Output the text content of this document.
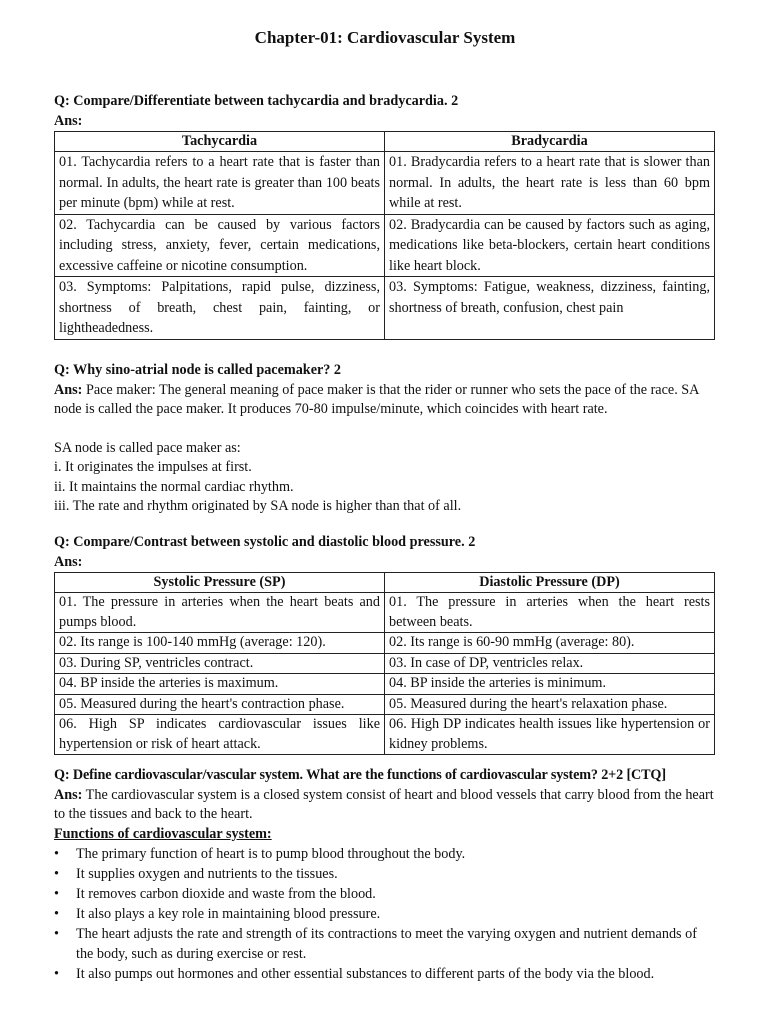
Chapter-01: Cardiovascular System

Q: Compare/Differentiate between tachycardia and bradycardia. 2

Ans:

Tachycardia	Bradycardia
01. Tachycardia refers to a heart rate that is faster than normal. In adults, the heart rate is greater than 100 beats per minute (bpm) while at rest.	01. Bradycardia refers to a heart rate that is slower than normal. In adults, the heart rate is less than 60 bpm while at rest.
02. Tachycardia can be caused by various factors including stress, anxiety, fever, certain medications, excessive caffeine or nicotine consumption.	02. Bradycardia can be caused by factors such as aging, medications like beta-blockers, certain heart conditions like heart block.
03. Symptoms: Palpitations, rapid pulse, dizziness, shortness of breath, chest pain, fainting, or lightheadedness.	03. Symptoms: Fatigue, weakness, dizziness, fainting, shortness of breath, confusion, chest pain

Q: Why sino-atrial node is called pacemaker? 2

Ans: Pace maker: The general meaning of pace maker is that the rider or runner who sets the pace of the race. SA node is called the pace maker. It produces 70-80 impulse/minute, which coincides with heart rate.

SA node is called pace maker as:

i. It originates the impulses at first.

ii. It maintains the normal cardiac rhythm.

iii. The rate and rhythm originated by SA node is higher than that of all.

Q: Compare/Contrast between systolic and diastolic blood pressure. 2

Ans:

Systolic Pressure (SP)	Diastolic Pressure (DP)
01. The pressure in arteries when the heart beats and pumps blood.	01. The pressure in arteries when the heart rests between beats.
02. Its range is 100-140 mmHg (average: 120).	02. Its range is 60-90 mmHg (average: 80).
03. During SP, ventricles contract.	03. In case of DP, ventricles relax.
04. BP inside the arteries is maximum.	04. BP inside the arteries is minimum.
05. Measured during the heart's contraction phase.	05. Measured during the heart's relaxation phase.
06. High SP indicates cardiovascular issues like hypertension or risk of heart attack.	06. High DP indicates health issues like hypertension or kidney problems.

Q: Define cardiovascular/vascular system. What are the functions of cardiovascular system? 2+2 [CTQ]

Ans: The cardiovascular system is a closed system consist of heart and blood vessels that carry blood from the heart to the tissues and back to the heart.

Functions of cardiovascular system:

• The primary function of heart is to pump blood throughout the body.
• It supplies oxygen and nutrients to the tissues.
• It removes carbon dioxide and waste from the blood.
• It also plays a key role in maintaining blood pressure.
• The heart adjusts the rate and strength of its contractions to meet the varying oxygen and nutrient demands of the body, such as during exercise or rest.
• It also pumps out hormones and other essential substances to different parts of the body via the blood.
